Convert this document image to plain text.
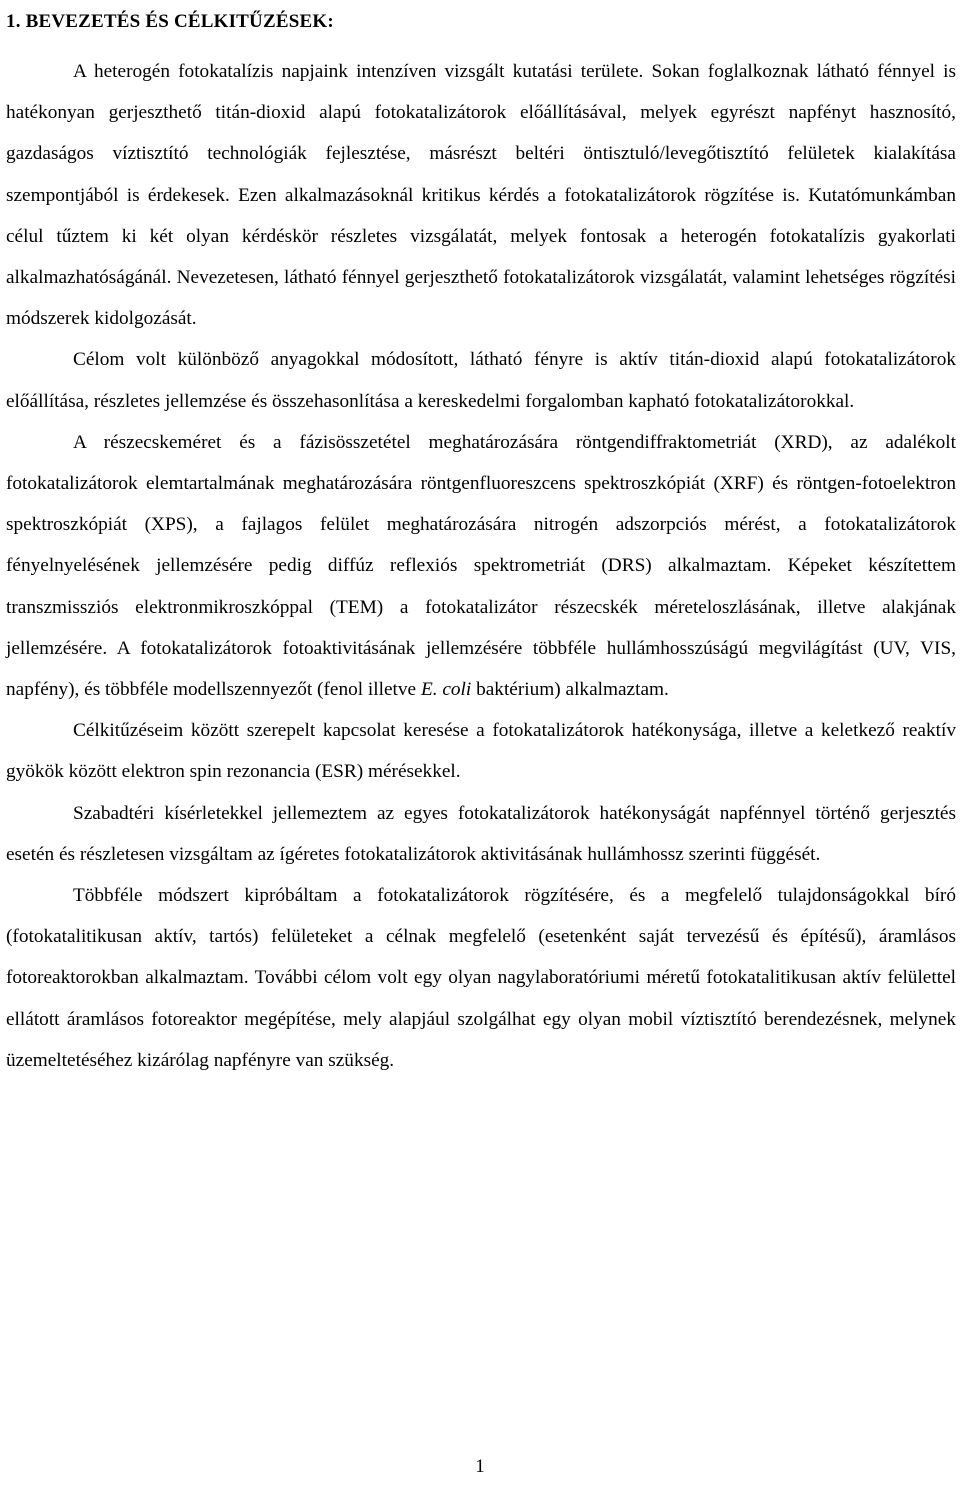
1. BEVEZETÉS ÉS CÉLKITŰZÉSEK:

A heterogén fotokatalízis napjaink intenzíven vizsgált kutatási területe. Sokan foglalkoznak látható fénnyel is hatékonyan gerjeszthető titán-dioxid alapú fotokatalizátorok előállításával, melyek egyrészt napfényt hasznosító, gazdaságos víztisztító technológiák fejlesztése, másrészt beltéri öntisztuló/levegőtisztító felületek kialakítása szempontjából is érdekesek. Ezen alkalmazásoknál kritikus kérdés a fotokatalizátorok rögzítése is. Kutatómunkámban célul tűztem ki két olyan kérdéskör részletes vizsgálatát, melyek fontosak a heterogén fotokatalízis gyakorlati alkalmazhatóságánál. Nevezetesen, látható fénnyel gerjeszthető fotokatalizátorok vizsgálatát, valamint lehetséges rögzítési módszerek kidolgozását.

Célom volt különböző anyagokkal módosított, látható fényre is aktív titán-dioxid alapú fotokatalizátorok előállítása, részletes jellemzése és összehasonlítása a kereskedelmi forgalomban kapható fotokatalizátorokkal.

A részecskeméret és a fázisösszetétel meghatározására röntgendiffraktometriát (XRD), az adalékolt fotokatalizátorok elemtartalmának meghatározására röntgenfluoreszcens spektroszkópiát (XRF) és röntgen-fotoelektron spektroszkópiát (XPS), a fajlagos felület meghatározására nitrogén adszorpciós mérést, a fotokatalizátorok fényelnyelésének jellemzésére pedig diffúz reflexiós spektrometriát (DRS) alkalmaztam. Képeket készítettem transzmissziós elektronmikroszkóppal (TEM) a fotokatalizátor részecskék méreteloszlásának, illetve alakjának jellemzésére. A fotokatalizátorok fotoaktivitásának jellemzésére többféle hullámhosszúságú megvilágítást (UV, VIS, napfény), és többféle modellszennyezőt (fenol illetve E. coli baktérium) alkalmaztam.

Célkitűzéseim között szerepelt kapcsolat keresése a fotokatalizátorok hatékonysága, illetve a keletkező reaktív gyökök között elektron spin rezonancia (ESR) mérésekkel.

Szabadtéri kísérletekkel jellemeztem az egyes fotokatalizátorok hatékonyságát napfénnyel történő gerjesztés esetén és részletesen vizsgáltam az ígéretes fotokatalizátorok aktivitásának hullámhossz szerinti függését.

Többféle módszert kipróbáltam a fotokatalizátorok rögzítésére, és a megfelelő tulajdonságokkal bíró (fotokatalitikusan aktív, tartós) felületeket a célnak megfelelő (esetenként saját tervezésű és építésű), áramlásos fotoreaktorokban alkalmaztam. További célom volt egy olyan nagylaboratóriumi méretű fotokatalitikusan aktív felülettel ellátott áramlásos fotoreaktor megépítése, mely alapjául szolgálhat egy olyan mobil víztisztító berendezésnek, melynek üzemeltetéséhez kizárólag napfényre van szükség.

1
